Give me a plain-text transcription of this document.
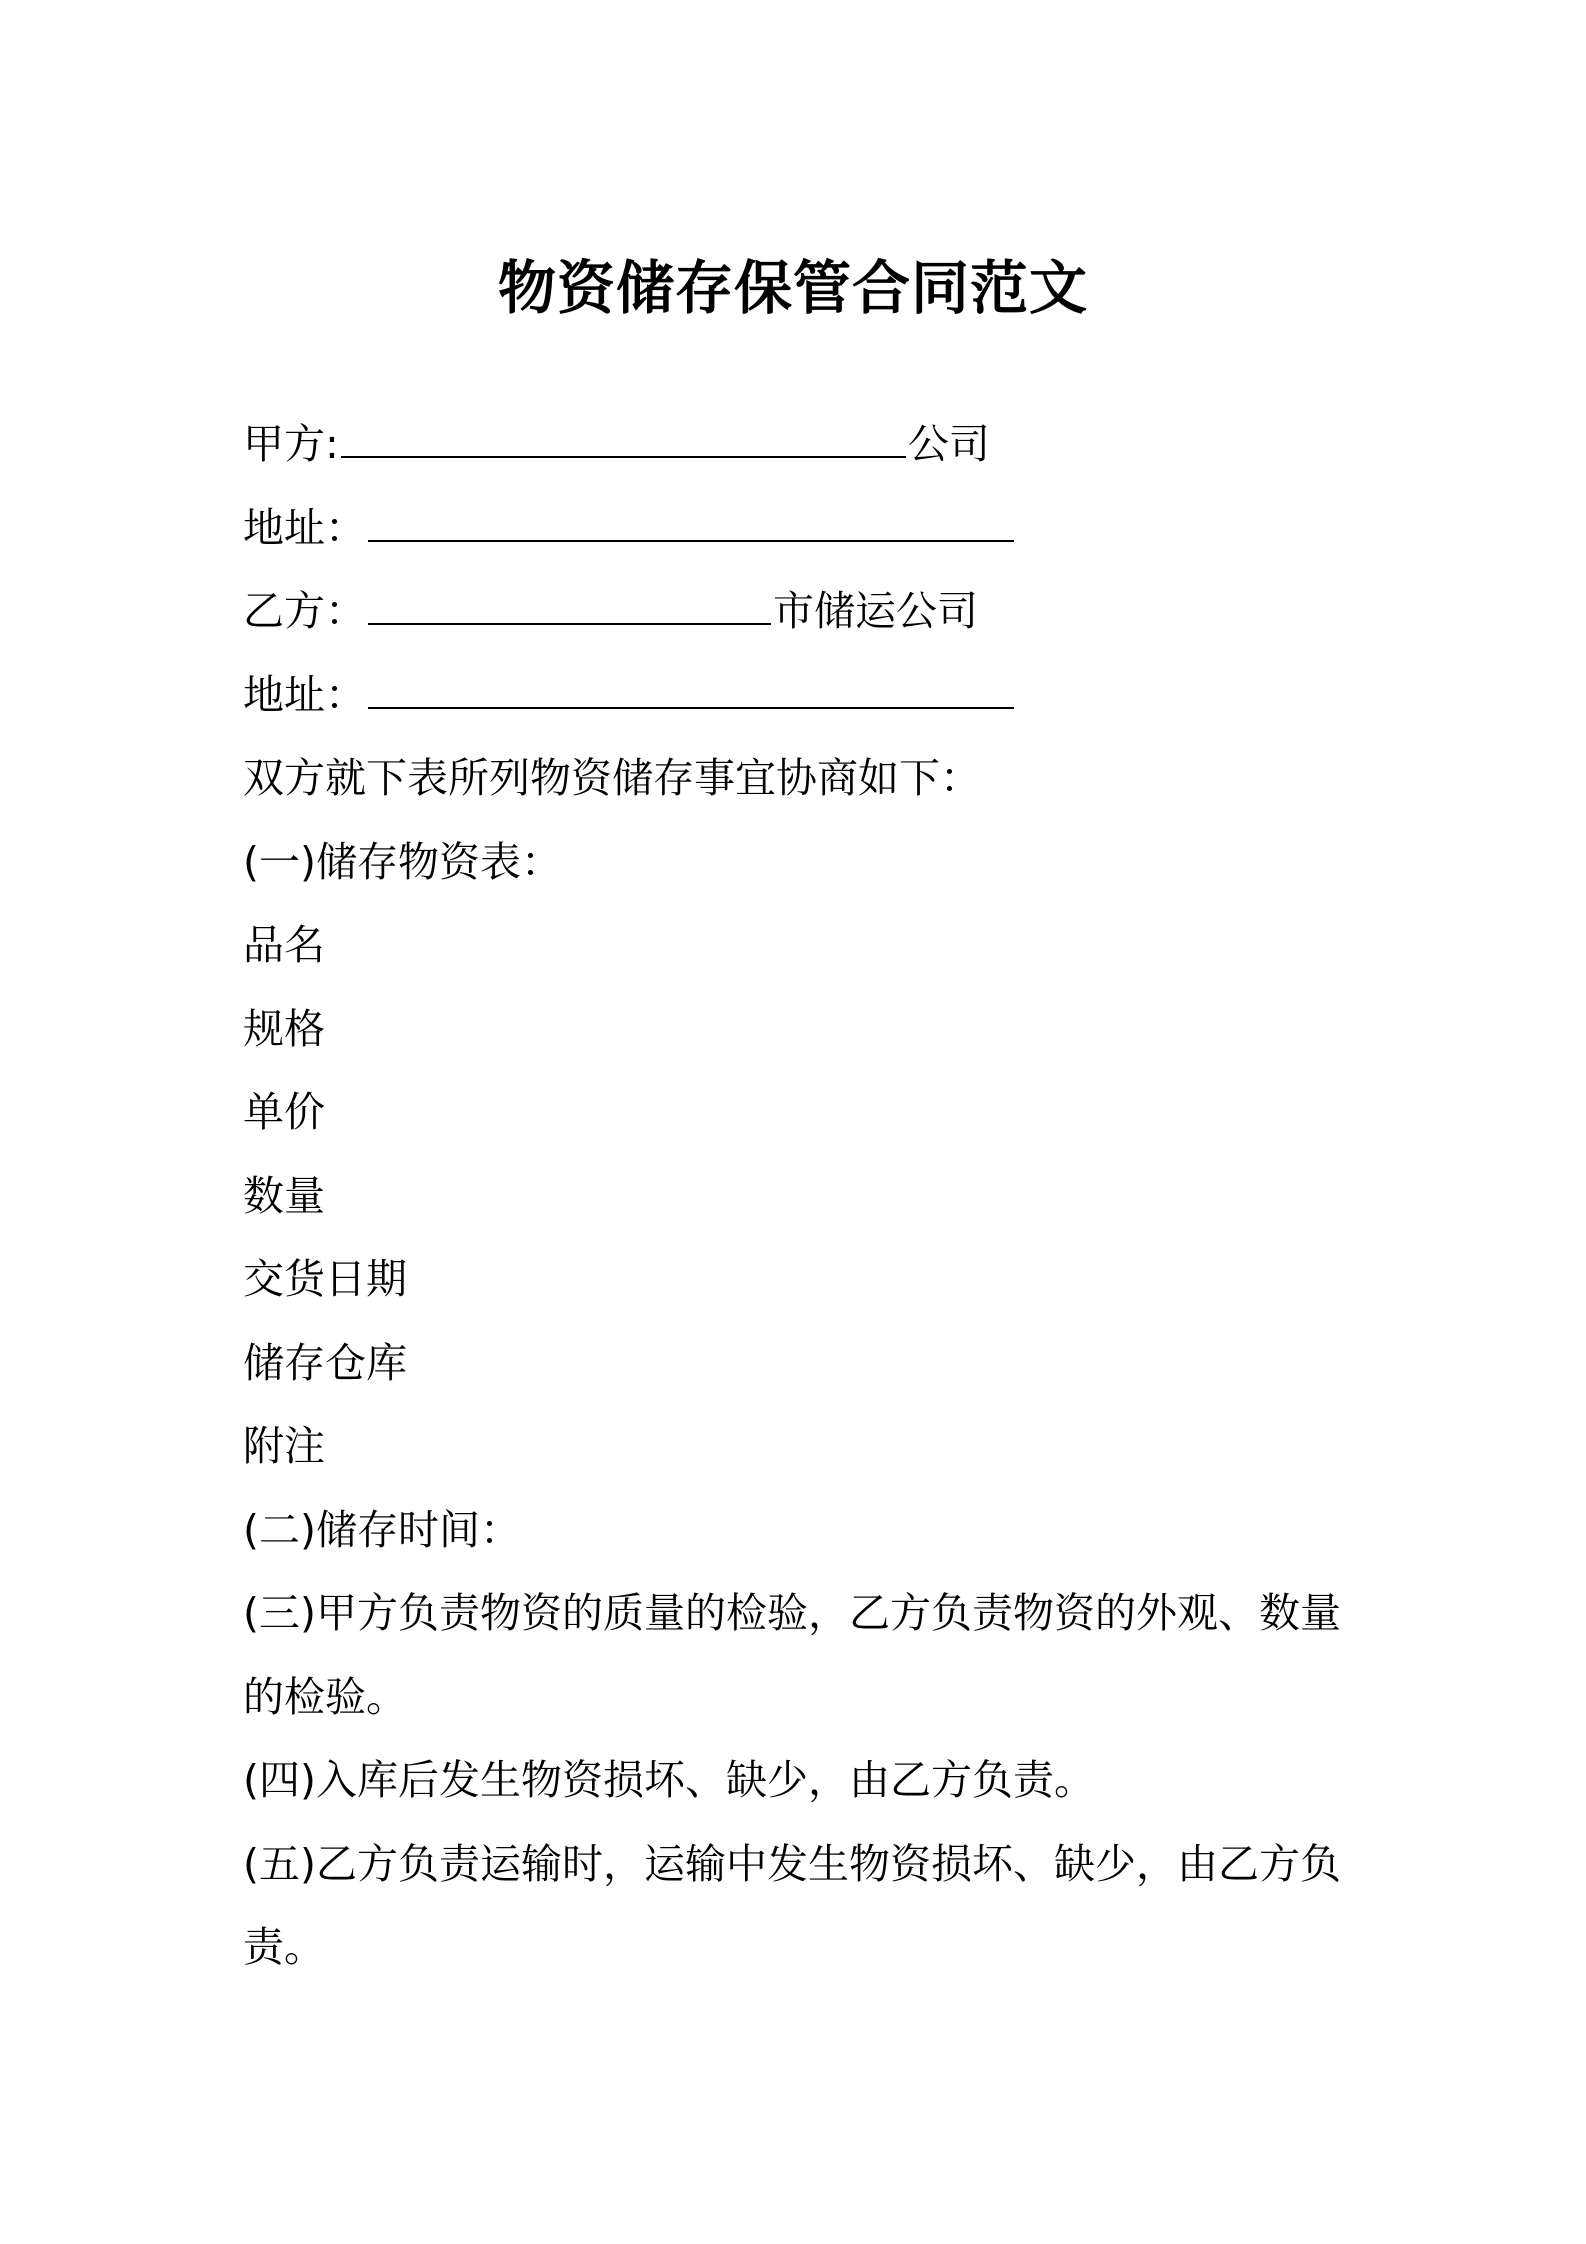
物资储存保管合同范文
甲方:	公司
地址：
乙方：	市储运公司
地址：
双方就下表所列物资储存事宜协商如下：
(一)储存物资表：
品名
规格
单价
数量
交货日期
储存仓库
附注
(二)储存时间：
(三)甲方负责物资的质量的检验，乙方负责物资的外观、数量的检验。
(四)入库后发生物资损坏、缺少，由乙方负责。
(五)乙方负责运输时，运输中发生物资损坏、缺少，由乙方负责。
